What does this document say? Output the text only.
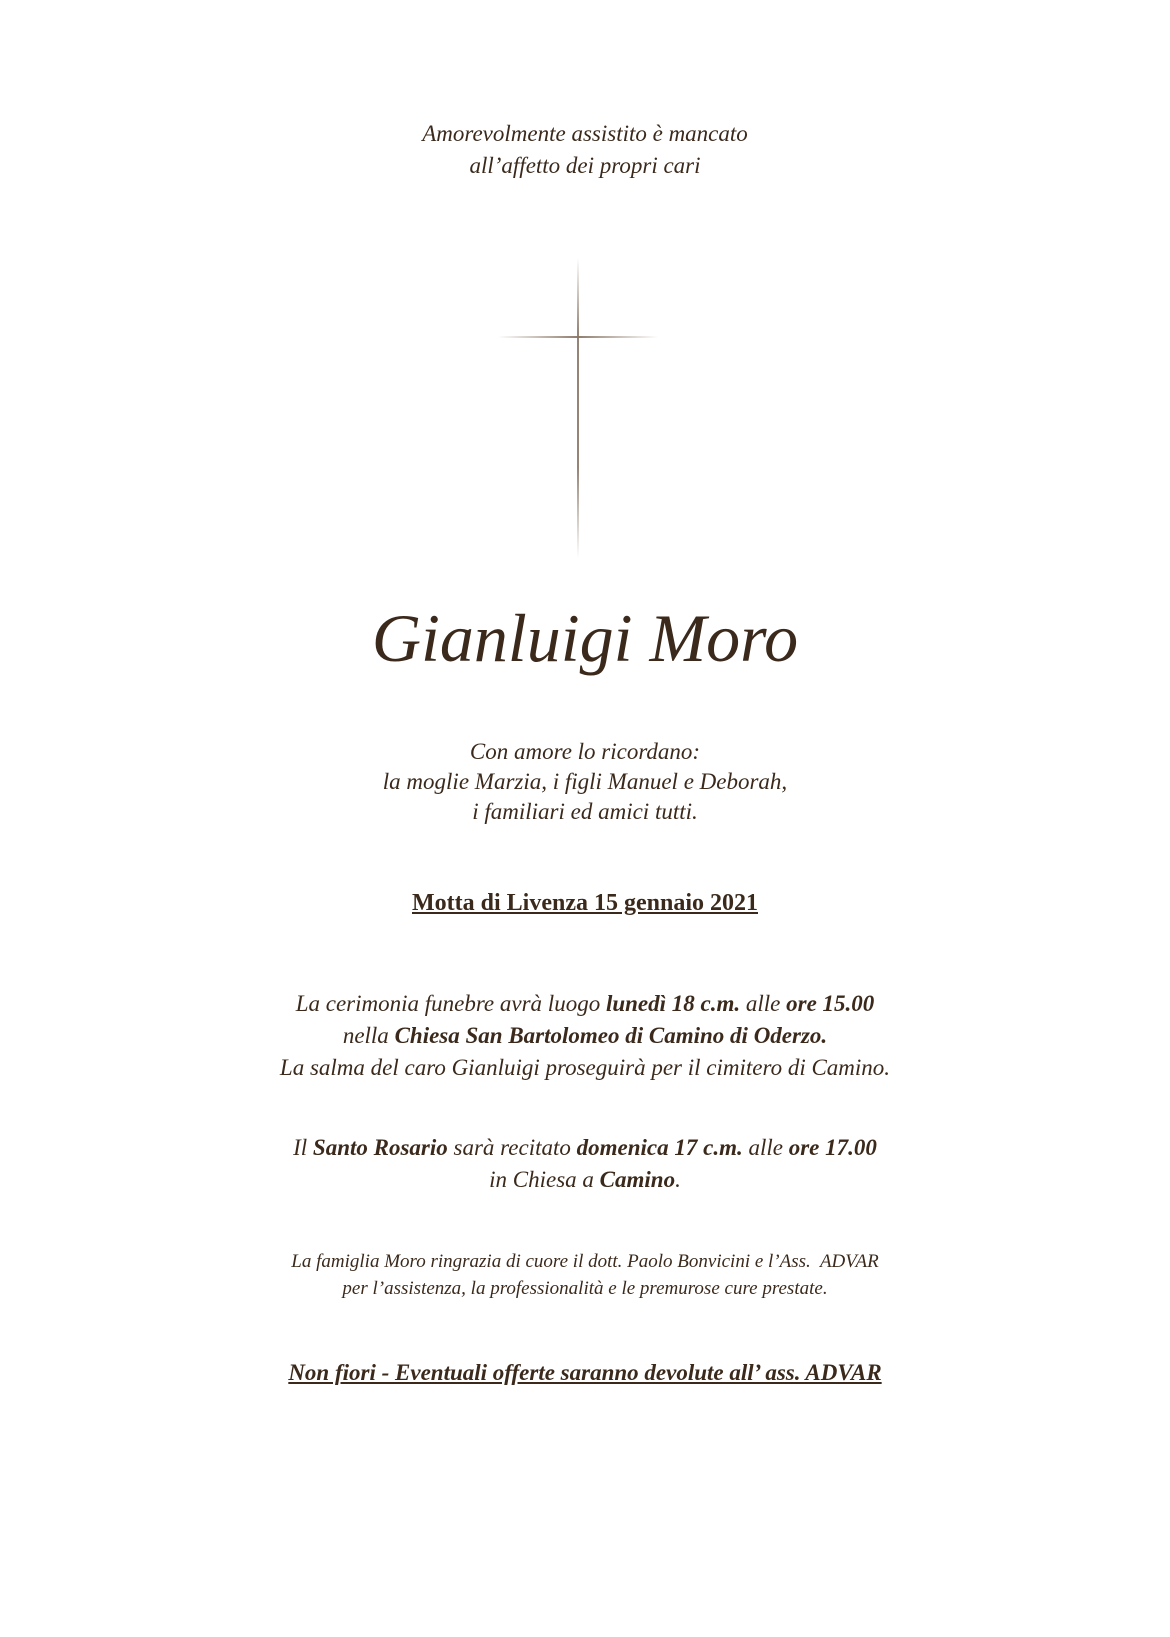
Amorevolmente assistito è mancato
all’affetto dei propri cari
Gianluigi Moro
Con amore lo ricordano:
la moglie Marzia, i figli Manuel e Deborah,
i familiari ed amici tutti.
Motta di Livenza 15 gennaio 2021
La cerimonia funebre avrà luogo lunedì 18 c.m. alle ore 15.00
nella Chiesa San Bartolomeo di Camino di Oderzo.
La salma del caro Gianluigi proseguirà per il cimitero di Camino.
Il Santo Rosario sarà recitato domenica 17 c.m. alle ore 17.00
in Chiesa a Camino.
La famiglia Moro ringrazia di cuore il dott. Paolo Bonvicini e l’Ass.  ADVAR
per l’assistenza, la professionalità e le premurose cure prestate.
Non fiori - Eventuali offerte saranno devolute all’ ass. ADVAR
